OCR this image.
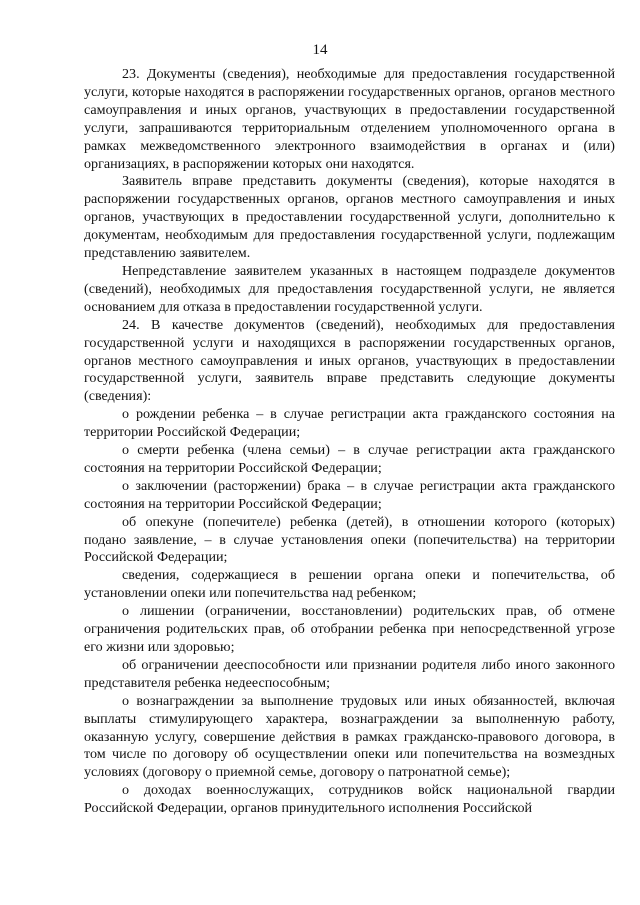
14

23. Документы (сведения), необходимые для предоставления государственной услуги, которые находятся в распоряжении государственных органов, органов местного самоуправления и иных органов, участвующих в предоставлении государственной услуги, запрашиваются территориальным отделением уполномоченного органа в рамках межведомственного электронного взаимодействия в органах и (или) организациях, в распоряжении которых они находятся.

Заявитель вправе представить документы (сведения), которые находятся в распоряжении государственных органов, органов местного самоуправления и иных органов, участвующих в предоставлении государственной услуги, дополнительно к документам, необходимым для предоставления государственной услуги, подлежащим представлению заявителем.

Непредставление заявителем указанных в настоящем подразделе документов (сведений), необходимых для предоставления государственной услуги, не является основанием для отказа в предоставлении государственной услуги.

24. В качестве документов (сведений), необходимых для предоставления государственной услуги и находящихся в распоряжении государственных органов, органов местного самоуправления и иных органов, участвующих в предоставлении государственной услуги, заявитель вправе представить следующие документы (сведения):

о рождении ребенка – в случае регистрации акта гражданского состояния на территории Российской Федерации;

о смерти ребенка (члена семьи) – в случае регистрации акта гражданского состояния на территории Российской Федерации;

о заключении (расторжении) брака – в случае регистрации акта гражданского состояния на территории Российской Федерации;

об опекуне (попечителе) ребенка (детей), в отношении которого (которых) подано заявление, – в случае установления опеки (попечительства) на территории Российской Федерации;

сведения, содержащиеся в решении органа опеки и попечительства, об установлении опеки или попечительства над ребенком;

о лишении (ограничении, восстановлении) родительских прав, об отмене ограничения родительских прав, об отобрании ребенка при непосредственной угрозе его жизни или здоровью;

об ограничении дееспособности или признании родителя либо иного законного представителя ребенка недееспособным;

о вознаграждении за выполнение трудовых или иных обязанностей, включая выплаты стимулирующего характера, вознаграждении за выполненную работу, оказанную услугу, совершение действия в рамках гражданско-правового договора, в том числе по договору об осуществлении опеки или попечительства на возмездных условиях (договору о приемной семье, договору о патронатной семье);

о доходах военнослужащих, сотрудников войск национальной гвардии Российской Федерации, органов принудительного исполнения Российской
